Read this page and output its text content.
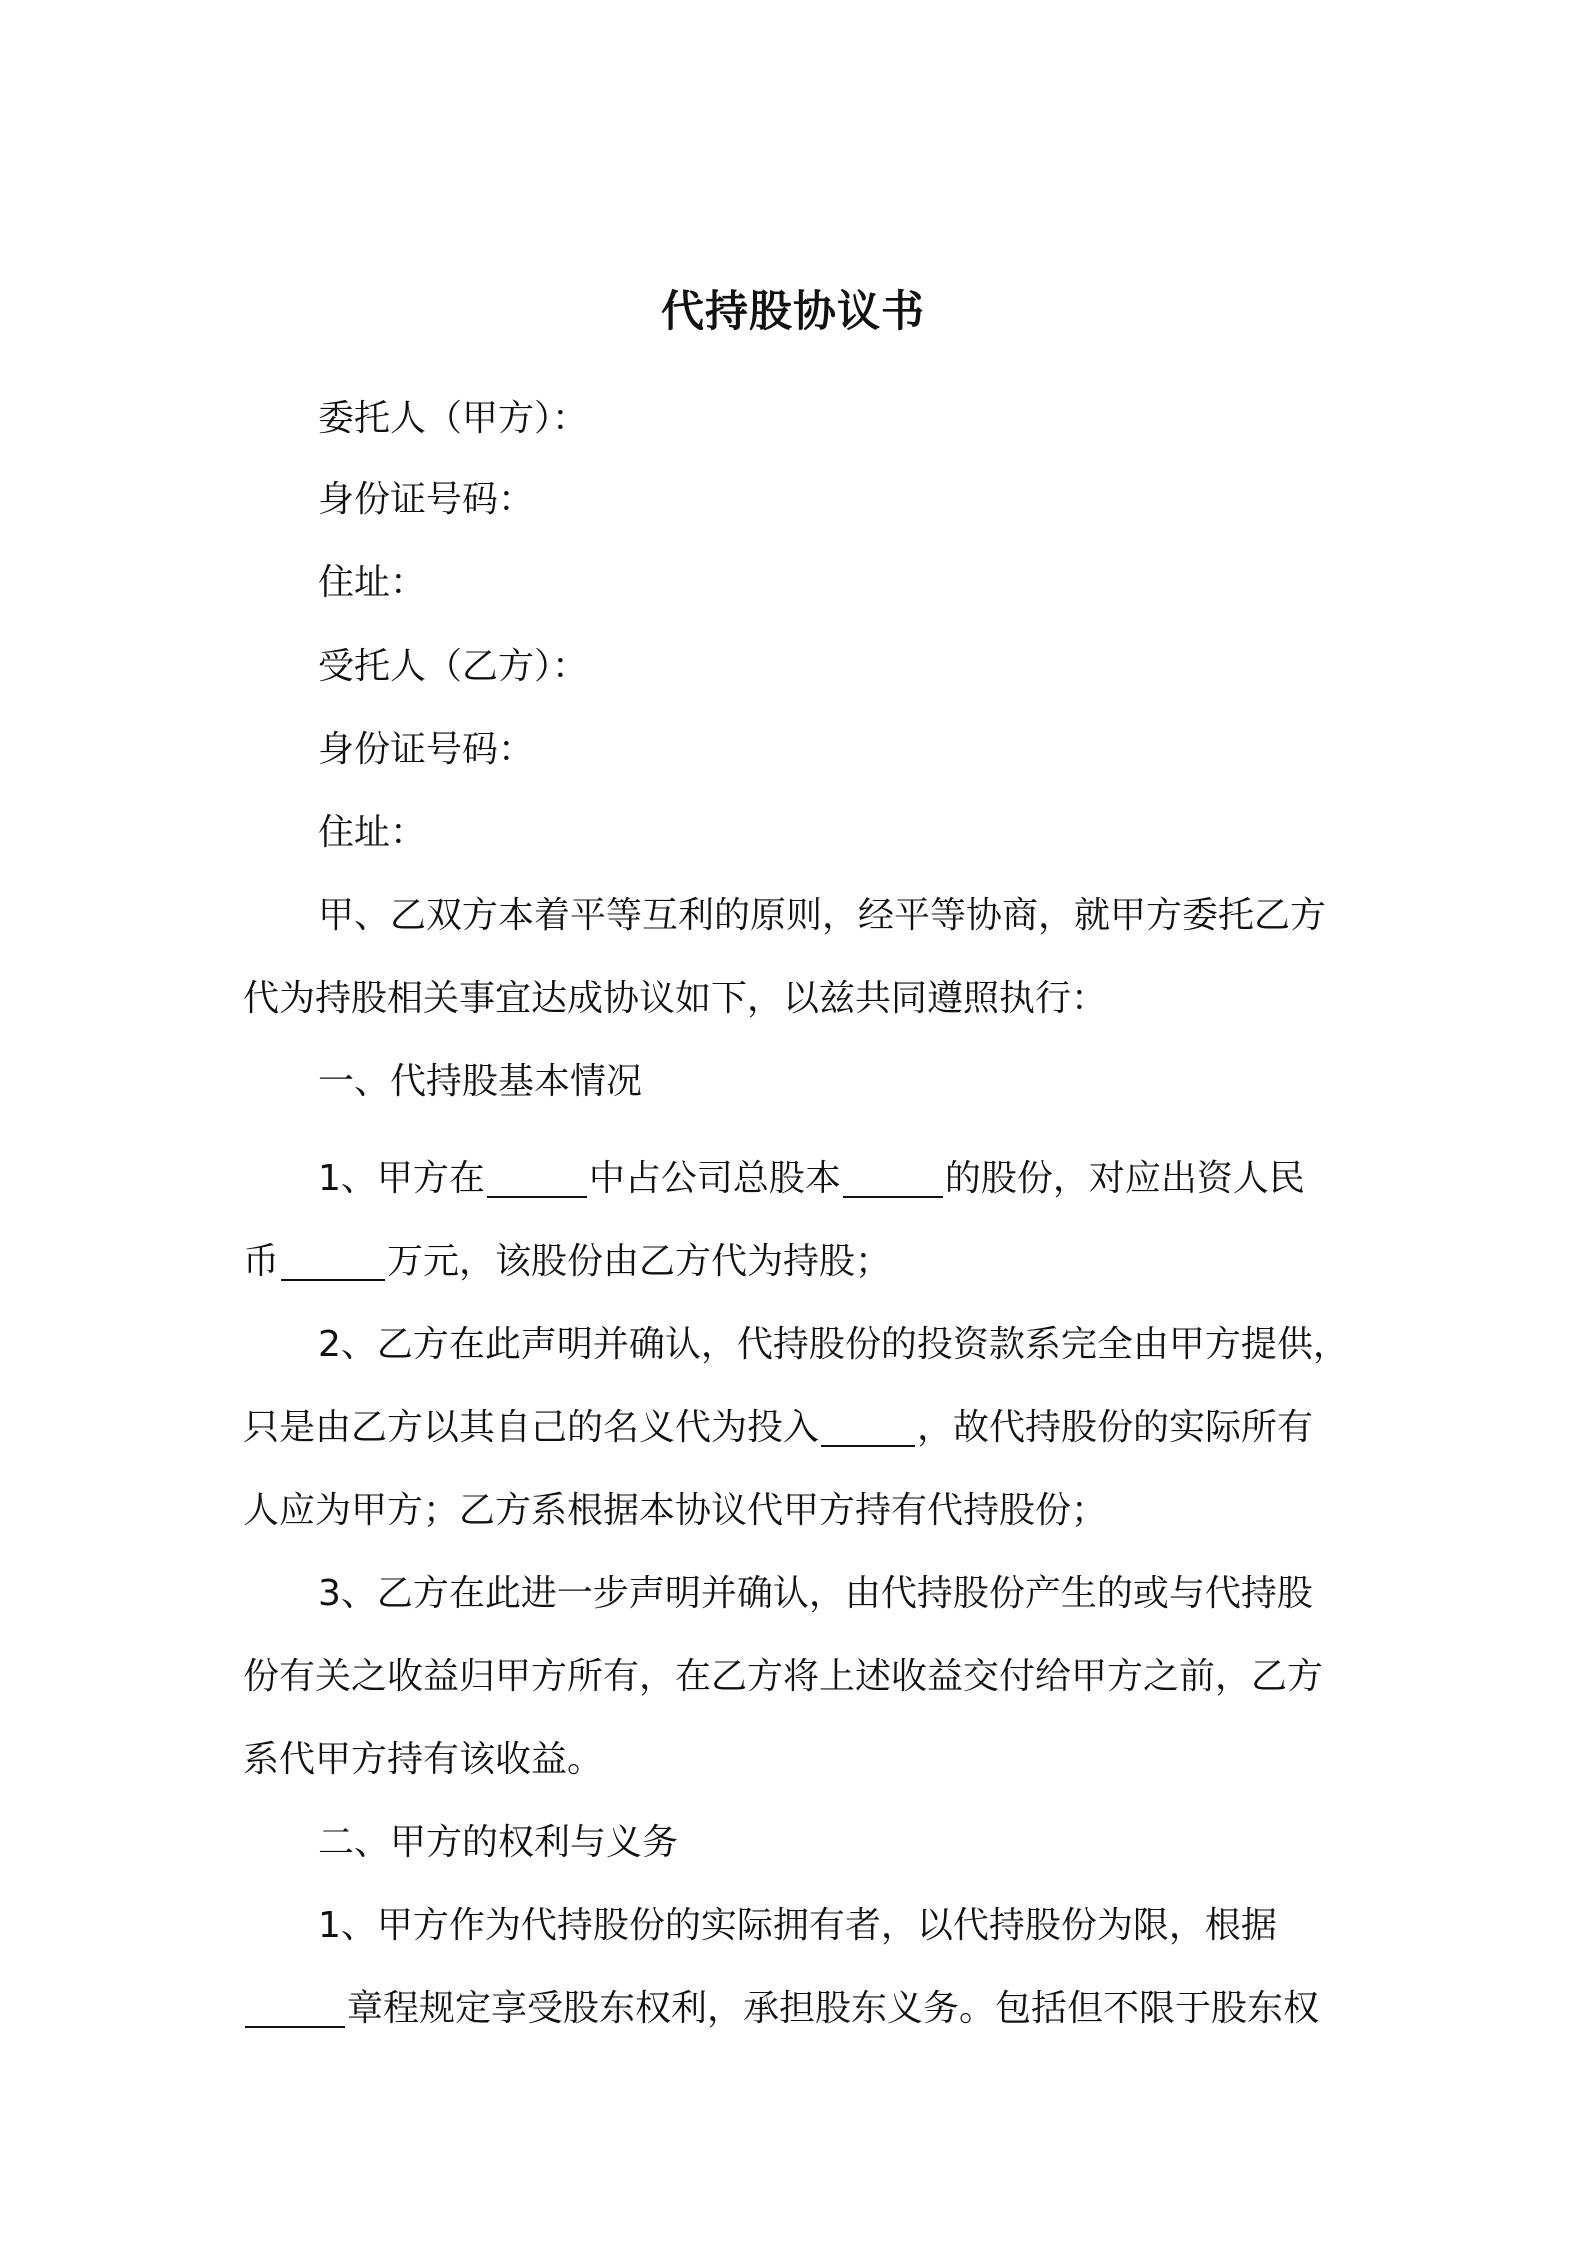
代持股协议书
委托人（甲方）：
身份证号码：
住址：
受托人（乙方）：
身份证号码：
住址：
甲、乙双方本着平等互利的原则，经平等协商，就甲方委托乙方
代为持股相关事宜达成协议如下，以兹共同遵照执行：
一、代持股基本情况
1、甲方在	中占公司总股本	的股份，对应出资人民
币	万元，该股份由乙方代为持股；
2、乙方在此声明并确认，代持股份的投资款系完全由甲方提供，
只是由乙方以其自己的名义代为投入	，故代持股份的实际所有
人应为甲方；乙方系根据本协议代甲方持有代持股份；
3、乙方在此进一步声明并确认，由代持股份产生的或与代持股
份有关之收益归甲方所有，在乙方将上述收益交付给甲方之前，乙方
系代甲方持有该收益。
二、甲方的权利与义务
1、甲方作为代持股份的实际拥有者，以代持股份为限，根据
章程规定享受股东权利，承担股东义务。包括但不限于股东权
